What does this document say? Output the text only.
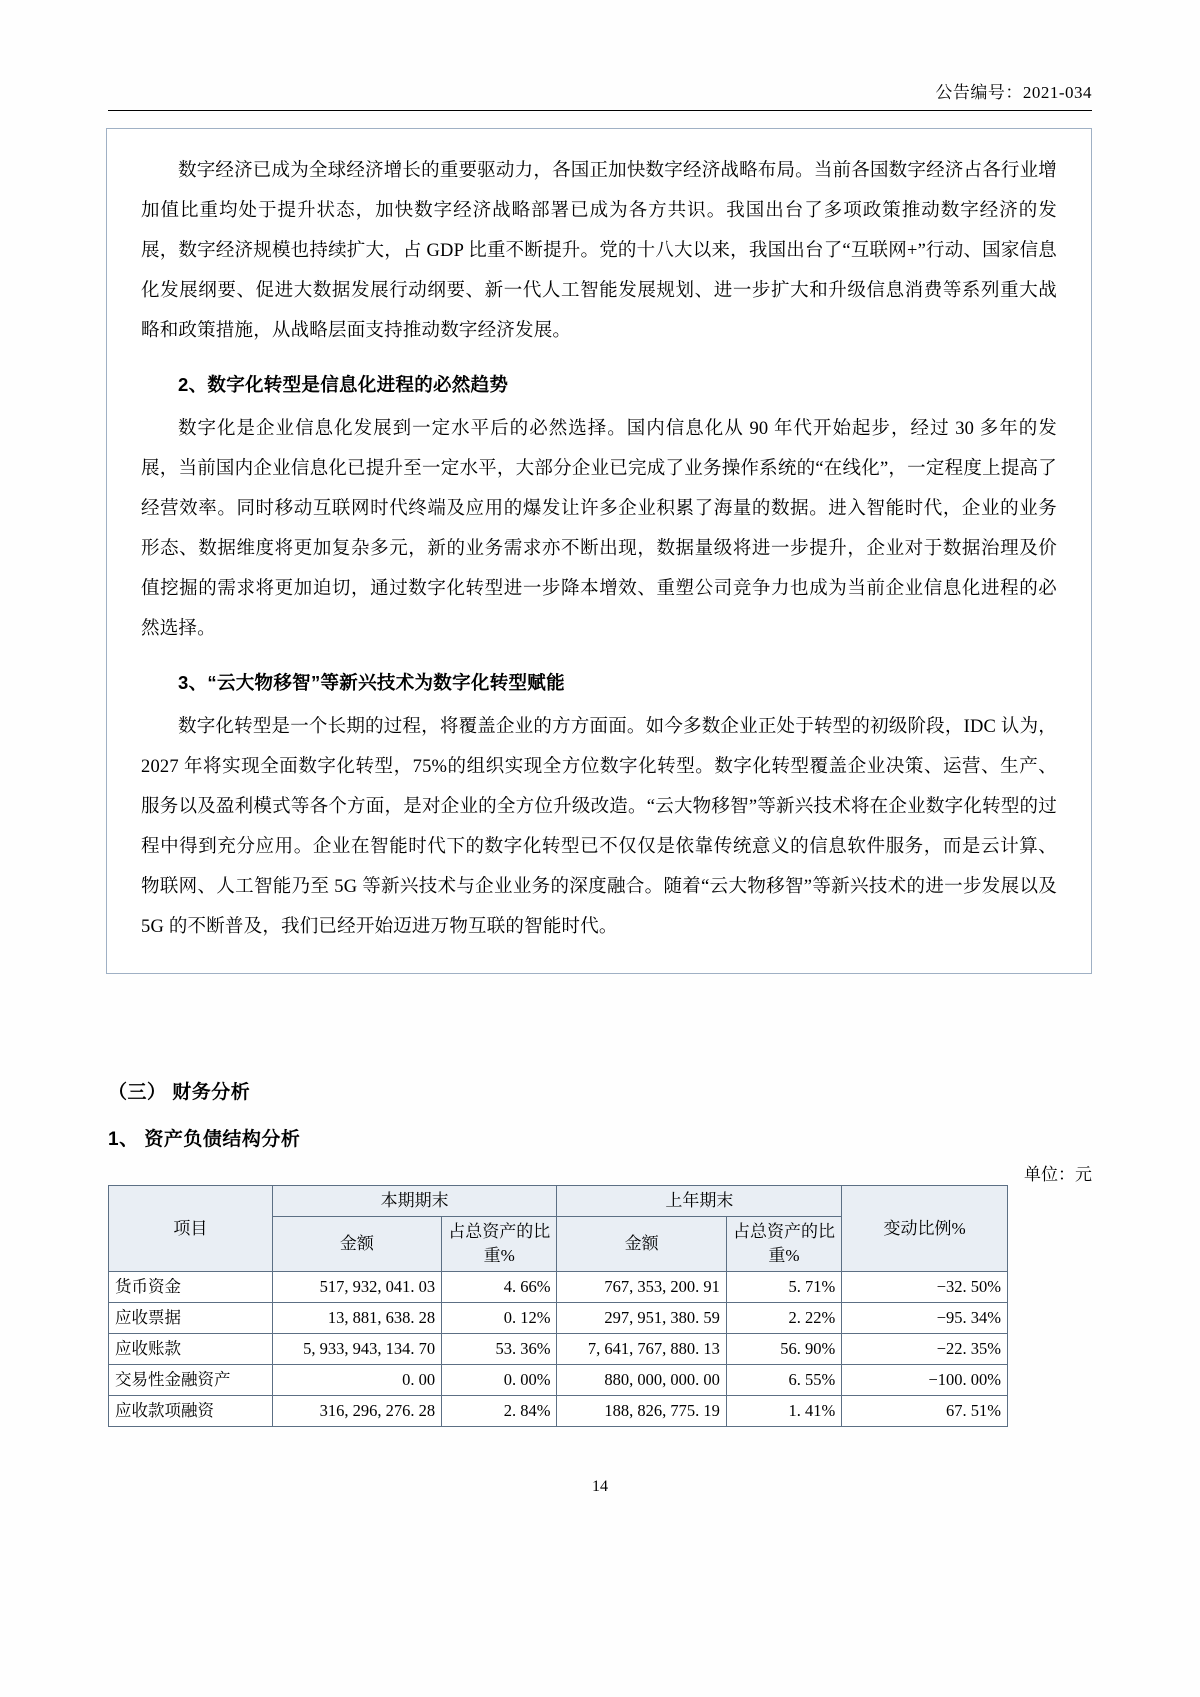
公告编号：2021-034

数字经济已成为全球经济增长的重要驱动力，各国正加快数字经济战略布局。当前各国数字经济占各行业增加值比重均处于提升状态，加快数字经济战略部署已成为各方共识。我国出台了多项政策推动数字经济的发展，数字经济规模也持续扩大，占 GDP 比重不断提升。党的十八大以来，我国出台了“互联网+”行动、国家信息化发展纲要、促进大数据发展行动纲要、新一代人工智能发展规划、进一步扩大和升级信息消费等系列重大战略和政策措施，从战略层面支持推动数字经济发展。

2、数字化转型是信息化进程的必然趋势

数字化是企业信息化发展到一定水平后的必然选择。国内信息化从 90 年代开始起步，经过 30 多年的发展，当前国内企业信息化已提升至一定水平，大部分企业已完成了业务操作系统的“在线化”，一定程度上提高了经营效率。同时移动互联网时代终端及应用的爆发让许多企业积累了海量的数据。进入智能时代，企业的业务形态、数据维度将更加复杂多元，新的业务需求亦不断出现，数据量级将进一步提升，企业对于数据治理及价值挖掘的需求将更加迫切，通过数字化转型进一步降本增效、重塑公司竞争力也成为当前企业信息化进程的必然选择。

3、“云大物移智”等新兴技术为数字化转型赋能

数字化转型是一个长期的过程，将覆盖企业的方方面面。如今多数企业正处于转型的初级阶段，IDC 认为，2027 年将实现全面数字化转型，75%的组织实现全方位数字化转型。数字化转型覆盖企业决策、运营、生产、服务以及盈利模式等各个方面，是对企业的全方位升级改造。“云大物移智”等新兴技术将在企业数字化转型的过程中得到充分应用。企业在智能时代下的数字化转型已不仅仅是依靠传统意义的信息软件服务，而是云计算、物联网、人工智能乃至 5G 等新兴技术与企业业务的深度融合。随着“云大物移智”等新兴技术的进一步发展以及 5G 的不断普及，我们已经开始迈进万物互联的智能时代。

（三） 财务分析
1、 资产负债结构分析
单位：元
项目	本期期末		上年期末		变动比例%
	金额	占总资产的比重%	金额	占总资产的比重%	
货币资金	517, 932, 041. 03	4. 66%	767, 353, 200. 91	5. 71%	−32. 50%
应收票据	13, 881, 638. 28	0. 12%	297, 951, 380. 59	2. 22%	−95. 34%
应收账款	5, 933, 943, 134. 70	53. 36%	7, 641, 767, 880. 13	56. 90%	−22. 35%
交易性金融资产	0. 00	0. 00%	880, 000, 000. 00	6. 55%	−100. 00%
应收款项融资	316, 296, 276. 28	2. 84%	188, 826, 775. 19	1. 41%	67. 51%
14
